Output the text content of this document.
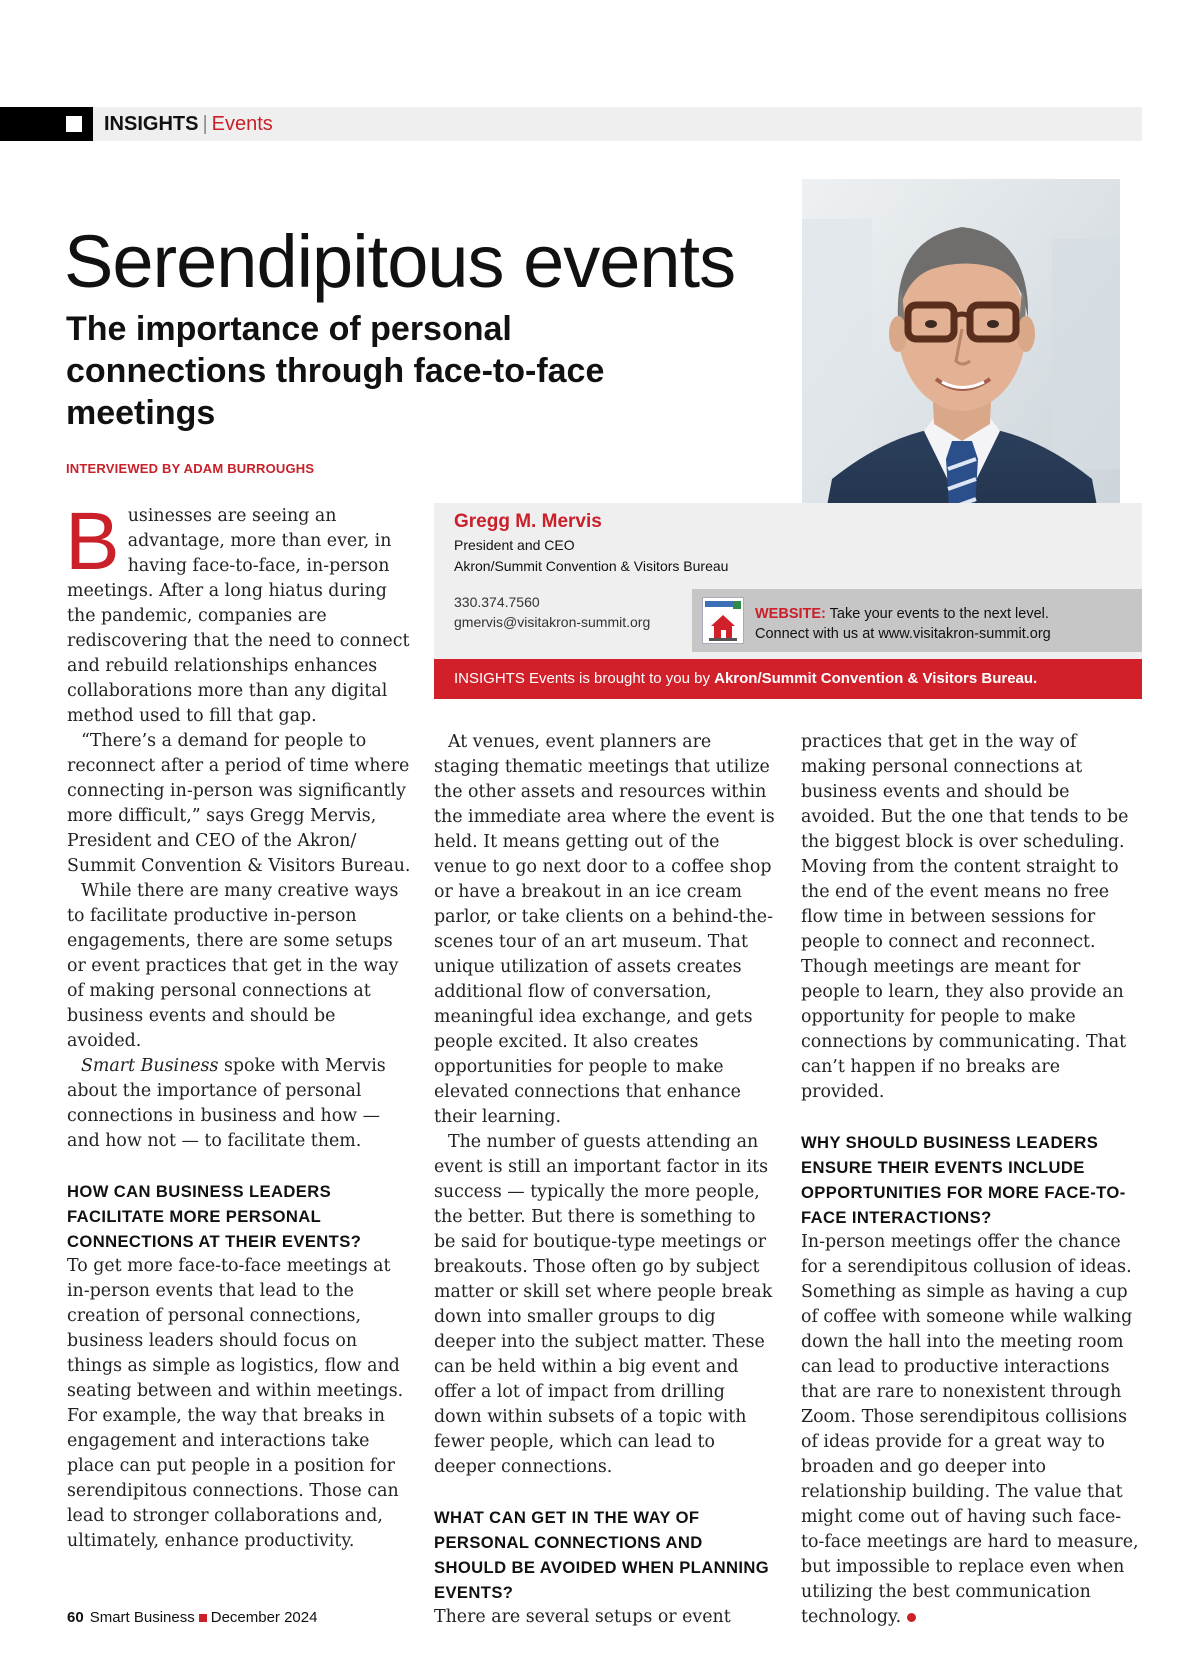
INSIGHTS | Events
Serendipitous events
The importance of personal connections through face-to-face meetings
INTERVIEWED BY ADAM BURROUGHS
Gregg M. Mervis
President and CEO
Akron/Summit Convention & Visitors Bureau
330.374.7560
gmervis@visitakron-summit.org	WEBSITE: Take your events to the next level.
Connect with us at www.visitakron-summit.org
INSIGHTS Events is brought to you by Akron/Summit Convention & Visitors Bureau.

Businesses are seeing an advantage, more than ever, in having face-to-face, in-person meetings. After a long hiatus during the pandemic, companies are rediscovering that the need to connect and rebuild relationships enhances collaborations more than any digital method used to fill that gap.

“There’s a demand for people to reconnect after a period of time where connecting in-person was significantly more difficult,” says Gregg Mervis, President and CEO of the Akron/ Summit Convention & Visitors Bureau.

While there are many creative ways to facilitate productive in-person engagements, there are some setups or event practices that get in the way of making personal connections at business events and should be avoided.

Smart Business spoke with Mervis about the importance of personal connections in business and how — and how not — to facilitate them.

HOW CAN BUSINESS LEADERS FACILITATE MORE PERSONAL CONNECTIONS AT THEIR EVENTS?

To get more face-to-face meetings at in-person events that lead to the creation of personal connections, business leaders should focus on things as simple as logistics, flow and seating between and within meetings. For example, the way that breaks in engagement and interactions take place can put people in a position for serendipitous connections. Those can lead to stronger collaborations and, ultimately, enhance productivity.

At venues, event planners are staging thematic meetings that utilize the other assets and resources within the immediate area where the event is held. It means getting out of the venue to go next door to a coffee shop or have a breakout in an ice cream parlor, or take clients on a behind-the-scenes tour of an art museum. That unique utilization of assets creates additional flow of conversation, meaningful idea exchange, and gets people excited. It also creates opportunities for people to make elevated connections that enhance their learning.

The number of guests attending an event is still an important factor in its success — typically the more people, the better. But there is something to be said for boutique-type meetings or breakouts. Those often go by subject matter or skill set where people break down into smaller groups to dig deeper into the subject matter. These can be held within a big event and offer a lot of impact from drilling down within subsets of a topic with fewer people, which can lead to deeper connections.

WHAT CAN GET IN THE WAY OF PERSONAL CONNECTIONS AND SHOULD BE AVOIDED WHEN PLANNING EVENTS?

There are several setups or event

practices that get in the way of making personal connections at business events and should be avoided. But the one that tends to be the biggest block is over scheduling. Moving from the content straight to the end of the event means no free flow time in between sessions for people to connect and reconnect. Though meetings are meant for people to learn, they also provide an opportunity for people to make connections by communicating. That can’t happen if no breaks are provided.

WHY SHOULD BUSINESS LEADERS ENSURE THEIR EVENTS INCLUDE OPPORTUNITIES FOR MORE FACE-TO-FACE INTERACTIONS?

In-person meetings offer the chance for a serendipitous collusion of ideas. Something as simple as having a cup of coffee with someone while walking down the hall into the meeting room can lead to productive interactions that are rare to nonexistent through Zoom. Those serendipitous collisions of ideas provide for a great way to broaden and go deeper into relationship building. The value that might come out of having such face-to-face meetings are hard to measure, but impossible to replace even when utilizing the best communication technology.

60 Smart Business December 2024
